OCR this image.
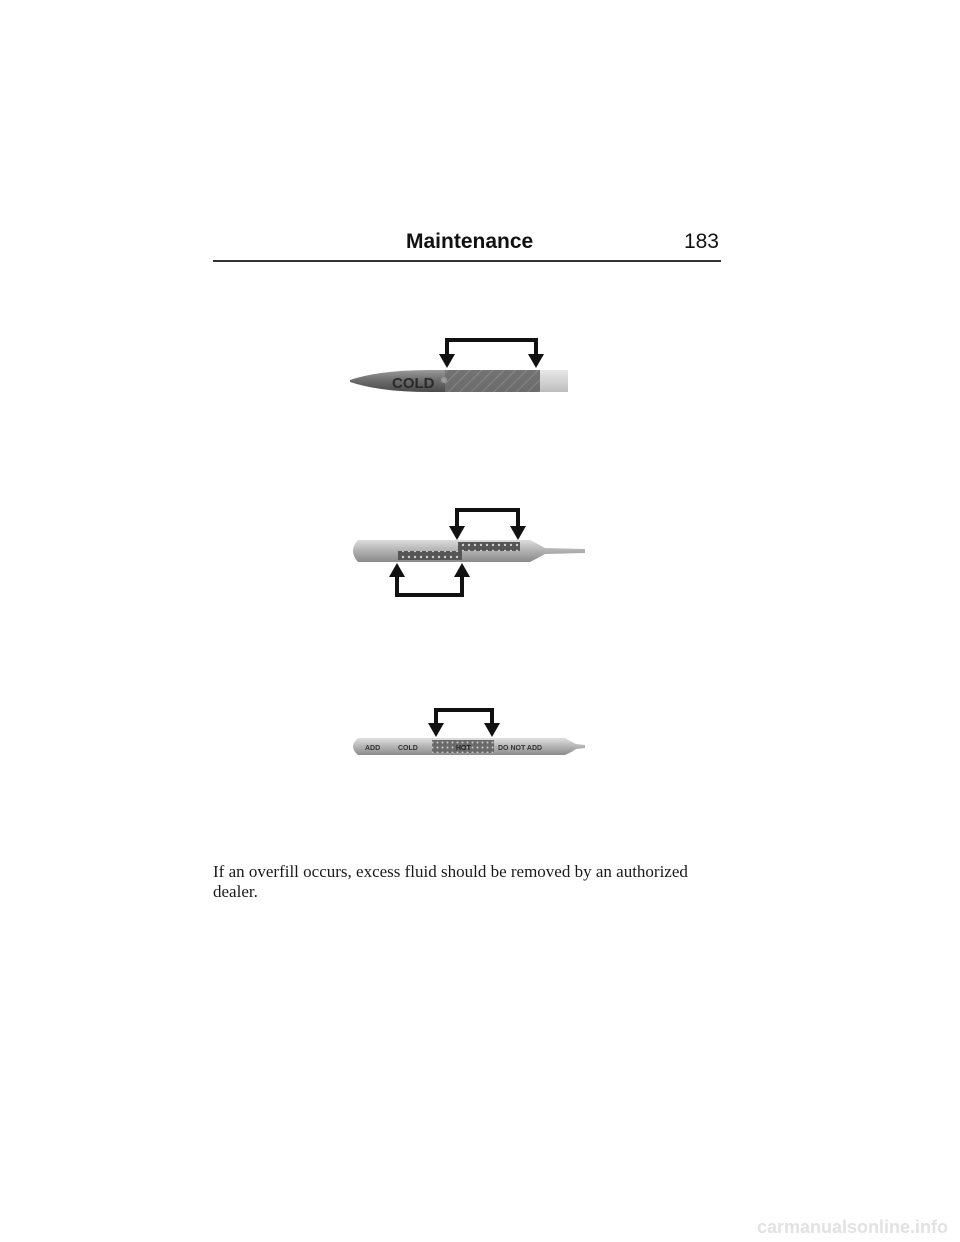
Maintenance	183
COLD
ADD	COLD	HOT	DO NOT ADD

If an overfill occurs, excess fluid should be removed by an authorized dealer.

carmanualsonline.info
